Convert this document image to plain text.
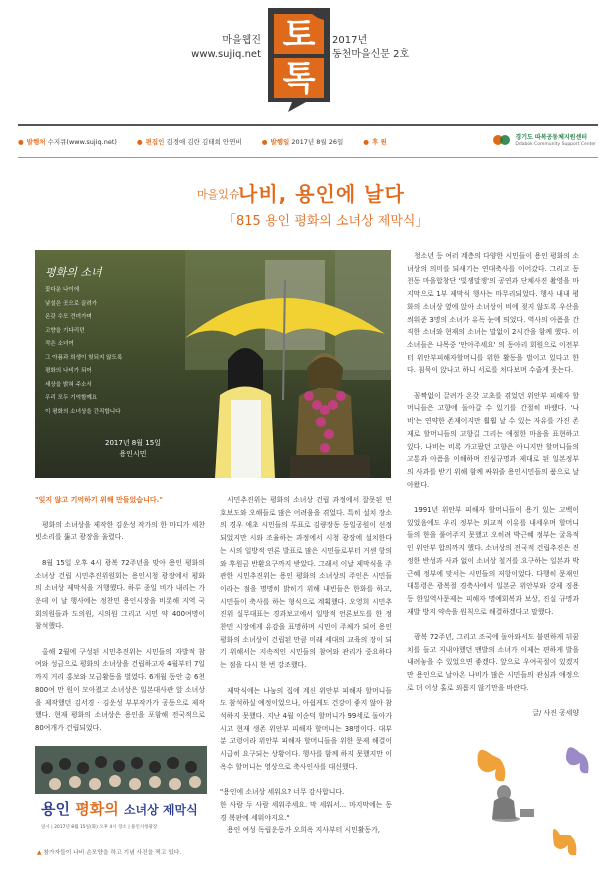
마을웹진
www.sujiq.net 토
톡
2017년
동천마을신문 2호
● 발행처 수지큐(www.sujiq.net)	● 편집인 김경애 김란 김태희 안연비	● 발행일 2017년 8월 26일	● 후 원
경기도 따복공동체지원센터
Ddabok Community Support Center
마을있슈
나비, 용인에 날다
「815 용인 평화의 소녀상 제막식」
평화의 소녀
꽃다운 나이에
낯설은 곳으로 끌려가
온갖 수모 견뎌가며
고향을 기다리던
작은 소녀여
그 아픔과 희생이 헛되지 않도록
평화의 나비가 되어
세상을 밝혀 주소서
우리 모두 기억할께요
이 평화의 소녀상을 간직합니다
2017년 8월 15일
용인시민
"잊지 않고 기억하기 위해 만들었습니다."

평화의 소녀상을 제작한 김운성 작가의 한 마디가 세찬 빗소리를 뚫고 광장을 울렸다.

8월 15일 오후 4시 광복 72주년을 맞아 용인 평화의 소녀상 건립 시민추진위원회는 용인시청 광장에서 평화의 소녀상 제막식을 거행했다. 하루 종일 비가 내리는 가운데 이 날 행사에는 정찬민 용인시장을 비롯해 지역 국회의원들과 도의원, 시의원 그리고 시민 약 400여명이 참석했다.

올해 2월에 구성된 시민추진위는 시민들의 자발적 참여와 성금으로 평화의 소녀상을 건립하고자 4월부터 7일까지 거리 홍보와 모금활동을 벌였다. 6개월 동안 총 6천800여 만 원이 모아졌고 소녀상은 일본대사관 앞 소녀상을 제작했던 김서경 · 김운성 부부작가가 공동으로 제작했다. 현재 평화의 소녀상은 용인을 포함해 전국적으로 80여개가 건립되었다.

시민추진위는 평화의 소녀상 건립 과정에서 잘못된 연호보도와 오해들로 많은 어려움을 겪었다. 특히 설치 장소의 경우 애초 시민들의 투표로 김량장동 동일공원이 선정되었지만 시와 조율하는 과정에서 시청 광장에 설치한다는 시의 일방적 연론 발표로 많은 시민들로부터 거센 항의와 후원금 반환요구까지 받았다. 그래서 이날 제막식을 주관한 시민추진위는 용인 평화의 소녀상의 주인은 시민들이라는 점을 명명히 밝히기 위해 내빈들은 한화를 하고, 시민들이 축사를 하는 형식으로 계획했다. 오영희 시민추진위 실무대표는 경과보고에서 일방적 언론보도를 한 정찬민 시장에게 유감을 표명하며 시민이 주체가 되어 용인 평화의 소녀상이 건립된 만큼 미래 세대의 교육의 장이 되기 위해서는 지속적인 시민들의 참여와 관리가 중요하다는 점을 다시 한 번 강조했다.

제막식에는 나눔의 집에 계신 위안부 피해자 할머니들도 참석하실 예정이었으나, 아쉽게도 건강이 좋지 않아 참석하지 못했다. 지난 4월 이순덕 할머니가 99세로 돌아가시고 현재 생존 위안부 피해자 할머니는 38명이다. 대부분 고령이라 위안부 피해자 할머니들을 위한 문제 해결이 시급히 요구되는 상황이다. 행사를 함께 하지 못했지만 이옥수 할머니는 영상으로 축사인사를 대신했다.

"용인에 소녀상 세워요? 너무 감사합니다.

한 사람 두 사람 세워주세요. 막 세워서... 마지막에는 동경 복판에 세워야지요."

용인 여성 독립운동가 오희옥 지사부터 시민활동가,

청소년 등 여러 계층의 다양한 시민들이 용인 평화의 소녀상의 의미를 되새기는 연대축사를 이어갔다. 그리고 동천동 마을합창단 '빛쟁말쟁'의 공연과 단체사진 촬영을 마지막으로 1부 제막식 행사는 마무리되었다. 행사 내내 평화의 소녀상 옆에 앉아 소녀상이 비에 젖지 않도록 우산을 씌워준 3명의 소녀가 유독 눈에 띄었다. 역사의 아픔을 간직한 소녀와 현재의 소녀는 말없이 2시간을 함께 했다. 이 소녀들은 나목중 '안아주세요' 의 동아리 회원으로 이전부터 위안부피해자할머니를 위한 활동을 벌이고 있다고 한다. 침묵이 앉나고 하니 서로를 처다보며 수줍게 웃는다.

꼼짝없이 끌려가 온갖 고초를 겪었던 위안부 피해자 할머니들은 고향에 돌아갈 수 있기를 간절히 바랬다. '나비'는 연약한 존재이지만 훨훨 날 수 있는 자유를 가진 존재로 할머니들의 고향길 그리는 애절한 마음을 표현하고 있다. 나비는 비록 가고팠던 고향은 아니지만 할머니들의 고통과 아픔을 이해하며 진심규명과 제대로 된 일본정부의 사과를 받기 위해 함께 싸워줄 용인시민들의 품으로 날아왔다.

1991년 위안부 피해자 할머니들이 용기 있는 고백이 있었음에도 우리 정부는 외교적 이유를 내세우며 할머니들의 한을 풀어주지 못했고 오히려 박근혜 정부는 굴욕적인 위안부 합의까지 했다. 소녀상의 전국적 건립추진은 진정한 반성과 사과 없이 소녀상 철거를 요구하는 일본과 박근혜 정부에 맞서는 시민들의 저항이었다. 다행히 문재인 대통령은 광복절 경축사에서 일본군 위안부와 강제 징용 등 한일역사문제는 피해자 명예회복과 보상, 진실 규명과 재발 방지 약속을 원칙으로 해결하겠다고 말했다.

광복 72주년, 그리고 조국에 돌아와서도 불편하게 뒤꿈치를 들고 지내야했던 맨발의 소녀가 이제는 편하게 발을 내려놓을 수 있었으면 좋겠다. 앞으로 우여곡절이 있겠지만 용인으로 날아온 나비가 많은 시민들의 관심과 애정으로 더 이상 홀로 외롭지 않기만을 바란다.

글/ 사진 공세양
용인 평화의 소녀상 제막식
일시 | 2017년 8월 15일(화) 오후 4시 장소 | 용인시청광장
▲ 참가자들이 나비 손모양을 하고 기념 사진을 찍고 있다.
